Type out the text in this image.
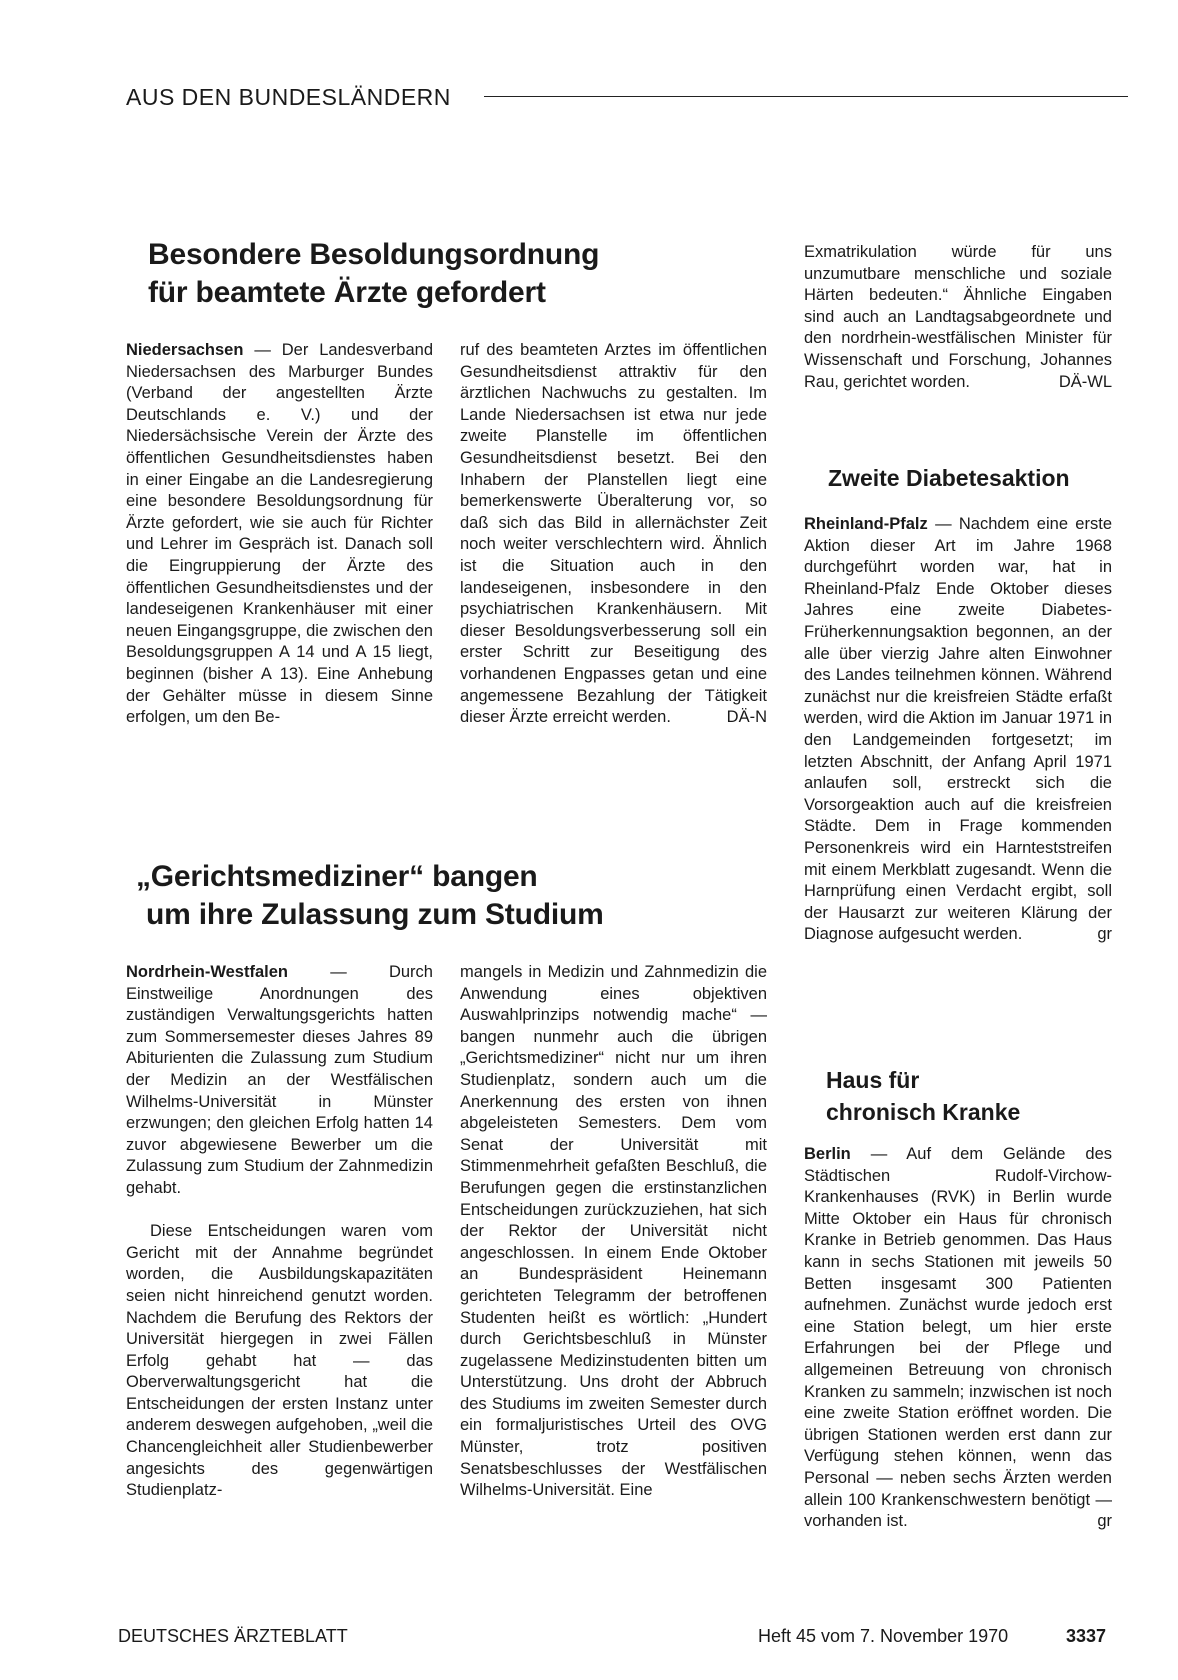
AUS DEN BUNDESLÄNDERN
Besondere Besoldungsordnung
für beamtete Ärzte gefordert

Niedersachsen — Der Landesverband Niedersachsen des Marburger Bundes (Verband der angestellten Ärzte Deutschlands e. V.) und der Niedersächsische Verein der Ärzte des öffentlichen Gesundheitsdienstes haben in einer Eingabe an die Landesregierung eine besondere Besoldungsordnung für Ärzte gefordert, wie sie auch für Richter und Lehrer im Gespräch ist. Danach soll die Eingruppierung der Ärzte des öffentlichen Gesundheitsdienstes und der landeseigenen Krankenhäuser mit einer neuen Eingangsgruppe, die zwischen den Besoldungsgruppen A 14 und A 15 liegt, beginnen (bisher A 13). Eine Anhebung der Gehälter müsse in diesem Sinne erfolgen, um den Be-

ruf des beamteten Arztes im öffentlichen Gesundheitsdienst attraktiv für den ärztlichen Nachwuchs zu gestalten. Im Lande Niedersachsen ist etwa nur jede zweite Planstelle im öffentlichen Gesundheitsdienst besetzt. Bei den Inhabern der Planstellen liegt eine bemerkenswerte Überalterung vor, so daß sich das Bild in allernächster Zeit noch weiter verschlechtern wird. Ähnlich ist die Situation auch in den landeseigenen, insbesondere in den psychiatrischen Krankenhäusern. Mit dieser Besoldungsverbesserung soll ein erster Schritt zur Beseitigung des vorhandenen Engpasses getan und eine angemessene Bezahlung der Tätigkeit dieser Ärzte erreicht werden.	DÄ-N

„Gerichtsmediziner“ bangen
um ihre Zulassung zum Studium

Nordrhein-Westfalen	— Durch Einstweilige Anordnungen des zuständigen Verwaltungsgerichts hatten zum Sommersemester dieses Jahres 89 Abiturienten die Zulassung zum Studium der Medizin an der Westfälischen Wilhelms-Universität in Münster erzwungen; den gleichen Erfolg hatten 14 zuvor abgewiesene Bewerber um die Zulassung zum Studium der Zahnmedizin gehabt.

Diese Entscheidungen waren vom Gericht mit der Annahme begründet worden, die Ausbildungskapazitäten seien nicht hinreichend genutzt worden. Nachdem die Berufung des Rektors der Universität hiergegen in zwei Fällen Erfolg gehabt hat — das Oberverwaltungsgericht hat die Entscheidungen der ersten Instanz unter anderem deswegen aufgehoben, „weil die Chancengleichheit aller Studienbewerber angesichts des gegenwärtigen Studienplatz-

mangels in Medizin und Zahnmedizin die Anwendung eines objektiven Auswahlprinzips notwendig mache“ — bangen nunmehr auch die übrigen „Gerichtsmediziner“ nicht nur um ihren Studienplatz, sondern auch um die Anerkennung des ersten von ihnen abgeleisteten Semesters. Dem vom Senat der Universität mit Stimmenmehrheit gefaßten Beschluß, die Berufungen gegen die erstinstanzlichen Entscheidungen zurückzuziehen, hat sich der Rektor der Universität nicht angeschlossen. In einem Ende Oktober an Bundespräsident Heinemann gerichteten Telegramm der betroffenen Studenten heißt es wörtlich: „Hundert durch Gerichtsbeschluß in Münster zugelassene Medizinstudenten bitten um Unterstützung. Uns droht der Abbruch des Studiums im zweiten Semester durch ein formaljuristisches Urteil des OVG Münster, trotz positiven Senatsbeschlusses der Westfälischen Wilhelms-Universität. Eine

Exmatrikulation würde für uns unzumutbare menschliche und soziale Härten bedeuten.“ Ähnliche Eingaben sind auch an Landtagsabgeordnete und den nordrhein-westfälischen Minister für Wissenschaft und Forschung, Johannes Rau, gerichtet worden.	DÄ-WL

Zweite Diabetesaktion

Rheinland-Pfalz — Nachdem eine erste Aktion dieser Art im Jahre 1968 durchgeführt worden war, hat in Rheinland-Pfalz Ende Oktober dieses Jahres eine zweite Diabetes-Früherkennungsaktion begonnen, an der alle über vierzig Jahre alten Einwohner des Landes teilnehmen können. Während zunächst nur die kreisfreien Städte erfaßt werden, wird die Aktion im Januar 1971 in den Landgemeinden fortgesetzt; im letzten Abschnitt, der Anfang April 1971 anlaufen soll, erstreckt sich die Vorsorgeaktion auch auf die kreisfreien Städte. Dem in Frage kommenden Personenkreis wird ein Harnteststreifen mit einem Merkblatt zugesandt. Wenn die Harnprüfung einen Verdacht ergibt, soll der Hausarzt zur weiteren Klärung der Diagnose aufgesucht werden.	gr

Haus für
chronisch Kranke

Berlin — Auf dem Gelände des Städtischen Rudolf-Virchow-Krankenhauses (RVK) in Berlin wurde Mitte Oktober ein Haus für chronisch Kranke in Betrieb genommen. Das Haus kann in sechs Stationen mit jeweils 50 Betten insgesamt 300 Patienten aufnehmen. Zunächst wurde jedoch erst eine Station belegt, um hier erste Erfahrungen bei der Pflege und allgemeinen Betreuung von chronisch Kranken zu sammeln; inzwischen ist noch eine zweite Station eröffnet worden. Die übrigen Stationen werden erst dann zur Verfügung stehen können, wenn das Personal — neben sechs Ärzten werden allein 100 Krankenschwestern benötigt — vorhanden ist.	gr

DEUTSCHES ÄRZTEBLATT	Heft 45 vom 7. November 1970	3337
